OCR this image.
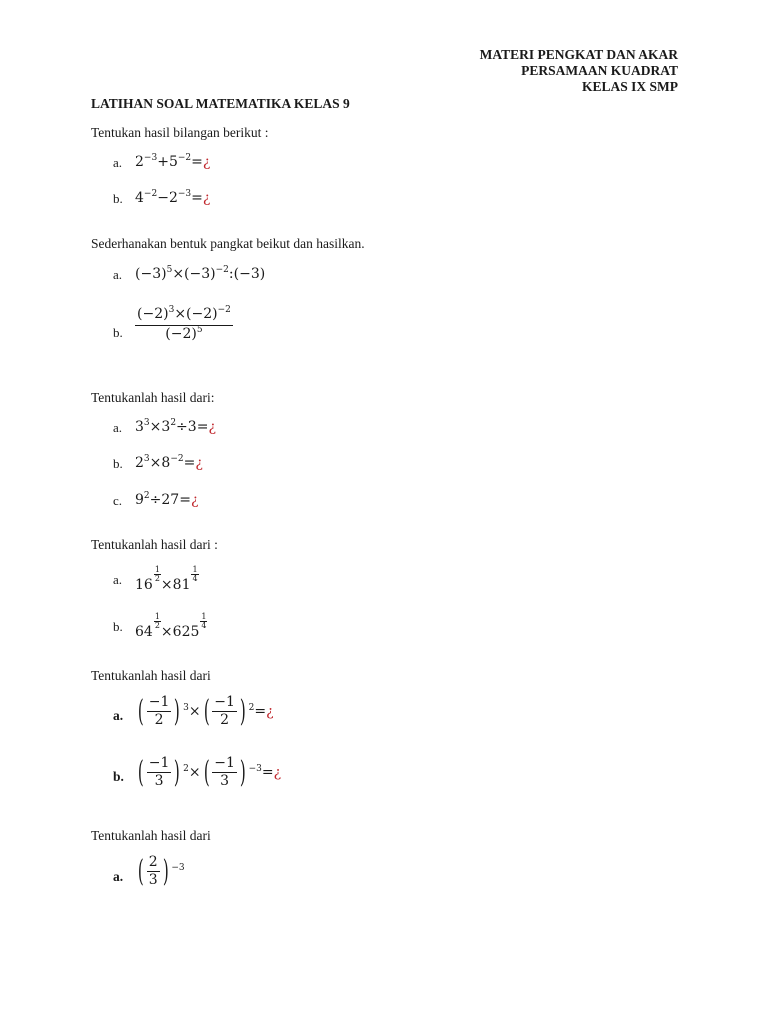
MATERI PENGKAT DAN AKAR
PERSAMAAN KUADRAT
KELAS IX SMP
LATIHAN SOAL MATEMATIKA KELAS 9
Tentukan hasil bilangan berikut :
a. $2^{-3}+5^{-2}=¿$
b. $4^{-2}-2^{-3}=¿$
Sederhanakan bentuk pangkat beikut dan hasilkan.
a. $(-3)^5\times(-3)^{-2}:(-3)$
b. $\frac{(-2)^3\times(-2)^{-2}}{(-2)^5}$
Tentukanlah hasil dari:
a. $3^3\times 3^2\div 3=¿$
b. $2^3\times 8^{-2}=¿$
c. $9^2\div 27=¿$
Tentukanlah hasil dari :
a. 16
$\frac{1}{2}$
×81
$\frac{1}{4}$
b. 64
$\frac{1}{2}$
×625
$\frac{1}{4}$
Tentukanlah hasil dari
a. ( $\frac{-1}{2}$ ) $^3\times( \frac{-1}{2}$ ) $^2$=¿
b. ( $\frac{-1}{3}$ ) $^2\times( \frac{-1}{3}$ ) $^{-3}$=¿
Tentukanlah hasil dari
a. ( $\frac{2}{3}$ ) $^{-3}$
